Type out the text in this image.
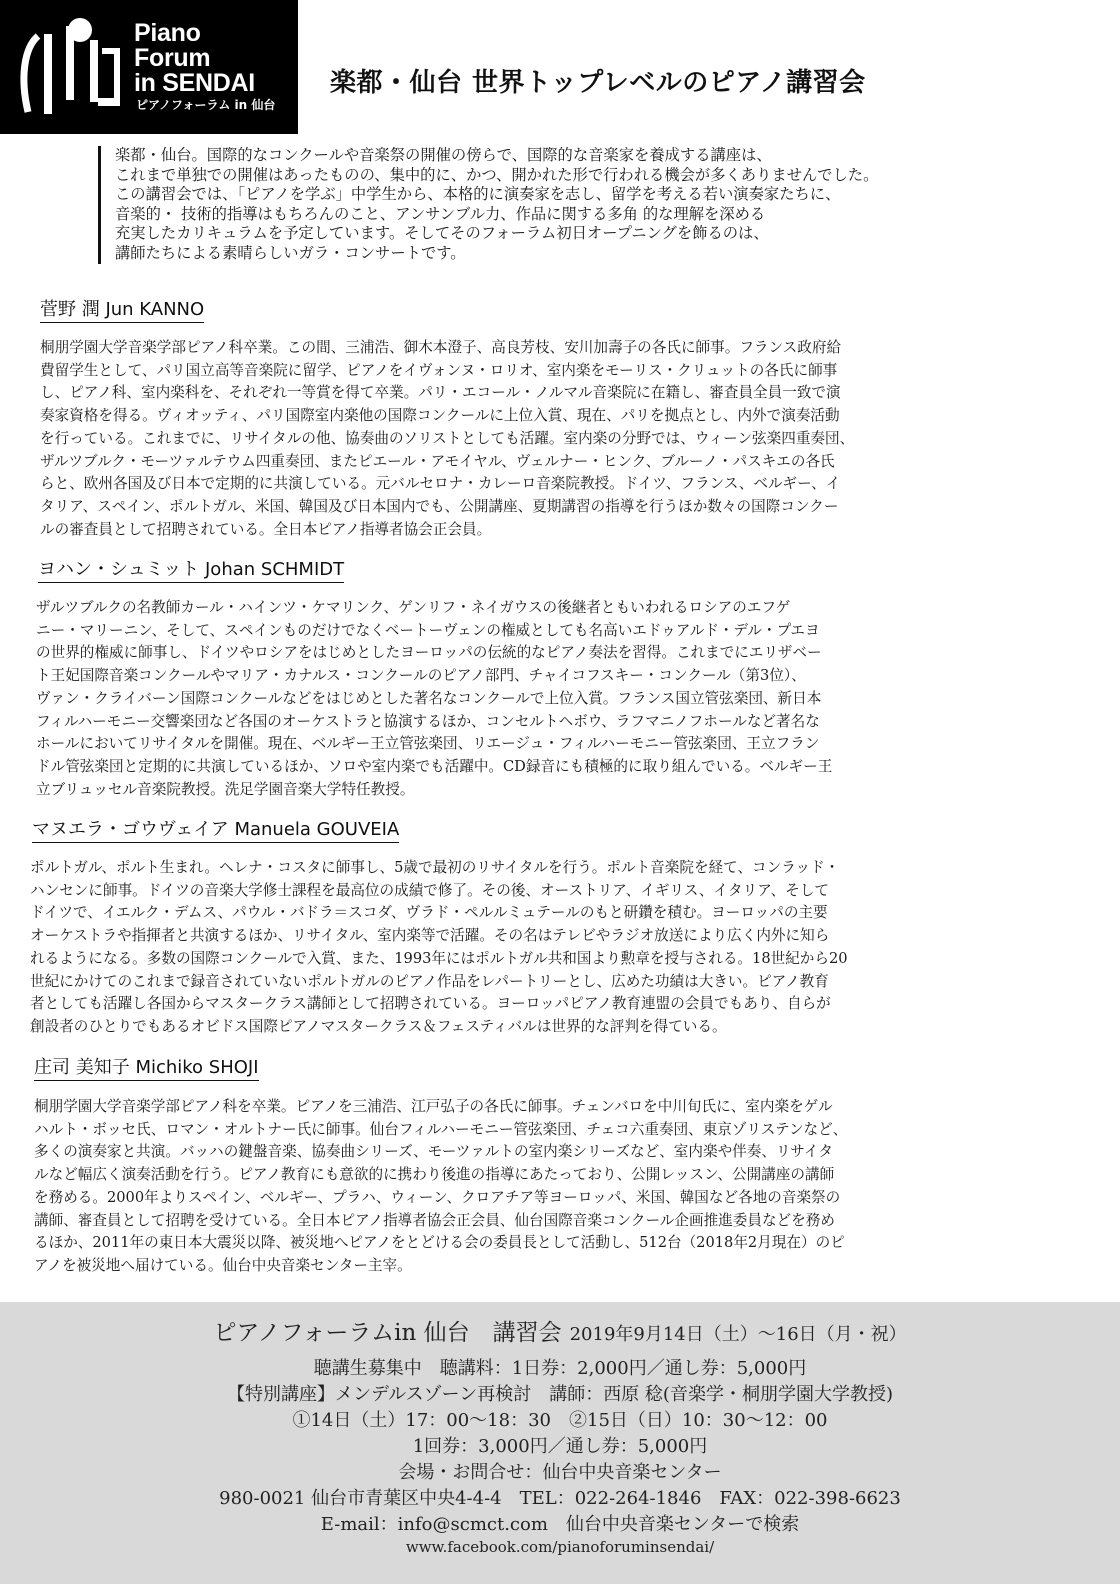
Piano
Forum
in SENDAI
ピアノフォーラム in 仙台
楽都・仙台 世界トップレベルのピアノ講習会
楽都・仙台。国際的なコンクールや音楽祭の開催の傍らで、国際的な音楽家を養成する講座は、
これまで単独での開催はあったものの、集中的に、かつ、開かれた形で行われる機会が多くありませんでした。
この講習会では、「ピアノを学ぶ」中学生から、本格的に演奏家を志し、留学を考える若い演奏家たちに、
音楽的・ 技術的指導はもちろんのこと、アンサンブル力、作品に関する多角 的な理解を深める
充実したカリキュラムを予定しています。そしてそのフォーラム初日オープニングを飾るのは、
講師たちによる素晴らしいガラ・コンサートです。
菅野 潤 Jun KANNO
桐朋学園大学音楽学部ピアノ科卒業。この間、三浦浩、御木本澄子、高良芳枝、安川加壽子の各氏に師事。フランス政府給
費留学生として、パリ国立高等音楽院に留学、ピアノをイヴォンヌ・ロリオ、室内楽をモーリス・クリュットの各氏に師事
し、ピアノ科、室内楽科を、それぞれ一等賞を得て卒業。パリ・エコール・ノルマル音楽院に在籍し、審査員全員一致で演
奏家資格を得る。ヴィオッティ、パリ国際室内楽他の国際コンクールに上位入賞、現在、パリを拠点とし、内外で演奏活動
を行っている。これまでに、リサイタルの他、協奏曲のソリストとしても活躍。室内楽の分野では、ウィーン弦楽四重奏団、
ザルツブルク・モーツァルテウム四重奏団、またピエール・アモイヤル、ヴェルナー・ヒンク、ブルーノ・パスキエの各氏
らと、欧州各国及び日本で定期的に共演している。元バルセロナ・カレーロ音楽院教授。ドイツ、フランス、ベルギー、イ
タリア、スペイン、ポルトガル、米国、韓国及び日本国内でも、公開講座、夏期講習の指導を行うほか数々の国際コンクー
ルの審査員として招聘されている。全日本ピアノ指導者協会正会員。
ヨハン・シュミット Johan SCHMIDT
ザルツブルクの名教師カール・ハインツ・ケマリンク、ゲンリフ・ネイガウスの後継者ともいわれるロシアのエフゲ
ニー・マリーニン、そして、スペインものだけでなくベートーヴェンの権威としても名高いエドゥアルド・デル・プエヨ
の世界的権威に師事し、ドイツやロシアをはじめとしたヨーロッパの伝統的なピアノ奏法を習得。これまでにエリザベー
ト王妃国際音楽コンクールやマリア・カナルス・コンクールのピアノ部門、チャイコフスキー・コンクール（第3位）、
ヴァン・クライバーン国際コンクールなどをはじめとした著名なコンクールで上位入賞。フランス国立管弦楽団、新日本
フィルハーモニー交響楽団など各国のオーケストラと協演するほか、コンセルトヘボウ、ラフマニノフホールなど著名な
ホールにおいてリサイタルを開催。現在、ベルギー王立管弦楽団、リエージュ・フィルハーモニー管弦楽団、王立フラン
ドル管弦楽団と定期的に共演しているほか、ソロや室内楽でも活躍中。CD録音にも積極的に取り組んでいる。ベルギー王
立ブリュッセル音楽院教授。洗足学園音楽大学特任教授。
マヌエラ・ゴウヴェイア Manuela GOUVEIA
ポルトガル、ポルト生まれ。ヘレナ・コスタに師事し、5歳で最初のリサイタルを行う。ポルト音楽院を経て、コンラッド・
ハンセンに師事。ドイツの音楽大学修士課程を最高位の成績で修了。その後、オーストリア、イギリス、イタリア、そして
ドイツで、イエルク・デムス、パウル・バドラ＝スコダ、ヴラド・ペルルミュテールのもと研鑽を積む。ヨーロッパの主要
オーケストラや指揮者と共演するほか、リサイタル、室内楽等で活躍。その名はテレビやラジオ放送により広く内外に知ら
れるようになる。多数の国際コンクールで入賞、また、1993年にはポルトガル共和国より勲章を授与される。18世紀から20
世紀にかけてのこれまで録音されていないポルトガルのピアノ作品をレパートリーとし、広めた功績は大きい。ピアノ教育
者としても活躍し各国からマスタークラス講師として招聘されている。ヨーロッパピアノ教育連盟の会員でもあり、自らが
創設者のひとりでもあるオビドス国際ピアノマスタークラス＆フェスティバルは世界的な評判を得ている。
庄司 美知子 Michiko SHOJI
桐朋学園大学音楽学部ピアノ科を卒業。ピアノを三浦浩、江戸弘子の各氏に師事。チェンバロを中川旬氏に、室内楽をゲル
ハルト・ボッセ氏、ロマン・オルトナー氏に師事。仙台フィルハーモニー管弦楽団、チェコ六重奏団、東京ゾリステンなど、
多くの演奏家と共演。バッハの鍵盤音楽、協奏曲シリーズ、モーツァルトの室内楽シリーズなど、室内楽や伴奏、リサイタ
ルなど幅広く演奏活動を行う。ピアノ教育にも意欲的に携わり後進の指導にあたっており、公開レッスン、公開講座の講師
を務める。2000年よりスペイン、ベルギー、プラハ、ウィーン、クロアチア等ヨーロッパ、米国、韓国など各地の音楽祭の
講師、審査員として招聘を受けている。全日本ピアノ指導者協会正会員、仙台国際音楽コンクール企画推進委員などを務め
るほか、2011年の東日本大震災以降、被災地へピアノをとどける会の委員長として活動し、512台（2018年2月現在）のピ
アノを被災地へ届けている。仙台中央音楽センター主宰。
ピアノフォーラムin 仙台　講習会 2019年9月14日（土）～16日（月・祝）
聴講生募集中　聴講料：1日券：2,000円／通し券：5,000円
【特別講座】メンデルスゾーン再検討　講師：西原 稔(音楽学・桐朋学園大学教授)
①14日（土）17：00～18：30　②15日（日）10：30～12：00
1回券：3,000円／通し券：5,000円
会場・お問合せ：仙台中央音楽センター
980-0021 仙台市青葉区中央4-4-4　TEL：022-264-1846　FAX：022-398-6623
E-mail：info@scmct.com　仙台中央音楽センターで検索
www.facebook.com/pianoforuminsendai/
